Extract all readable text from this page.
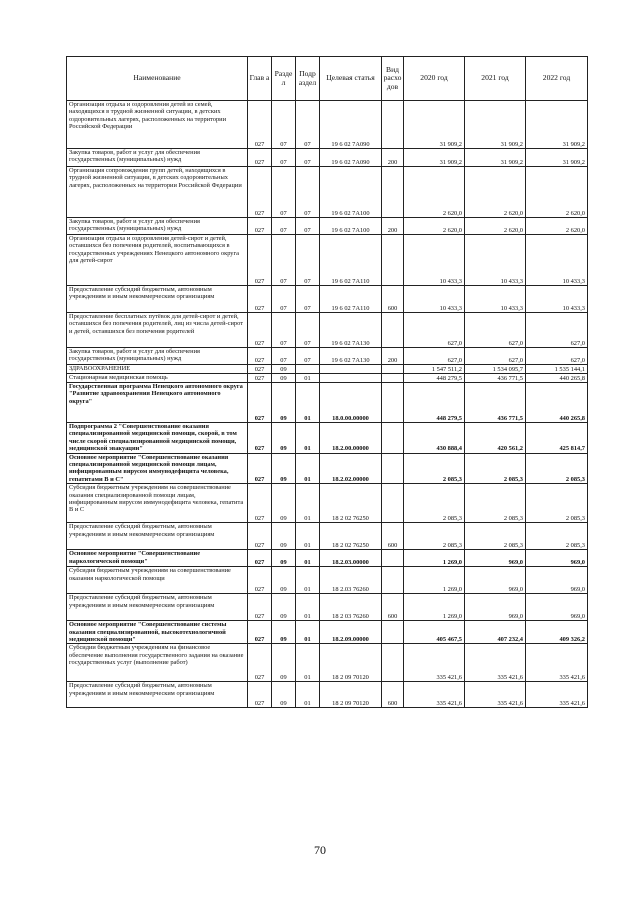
Наименование	Глав а	Разде л	Подр аздел	Целевая статья	Вид расхо дов	2020 год	2021 год	2022 год
Организация отдыха и оздоровления детей из семей, находящихся в трудной жизненной ситуации, в детских оздоровительных лагерях, расположенных на территории Российской Федерации	027	07	07	19 6 02 7А090		31 909,2	31 909,2	31 909,2
Закупка товаров, работ и услуг для обеспечения государственных (муниципальных) нужд	027	07	07	19 6 02 7А090	200	31 909,2	31 909,2	31 909,2
Организация сопровождения групп детей, находящихся в трудной жизненной ситуации, в детских оздоровительных лагерях, расположенных на территории Российской Федерации	027	07	07	19 6 02 7А100		2 620,0	2 620,0	2 620,0
Закупка товаров, работ и услуг для обеспечения государственных (муниципальных) нужд	027	07	07	19 6 02 7А100	200	2 620,0	2 620,0	2 620,0
Организация отдыха и оздоровления детей-сирот и детей, оставшихся без попечения родителей, воспитывающихся в государственных учреждениях Ненецкого автономного округа для детей-сирот	027	07	07	19 6 02 7А110		10 433,3	10 433,3	10 433,3
Предоставление субсидий бюджетным, автономным учреждениям и иным некоммерческим организациям	027	07	07	19 6 02 7А110	600	10 433,3	10 433,3	10 433,3
Предоставление бесплатных путёвок для детей-сирот и детей, оставшихся без попечения родителей, лиц из числа детей-сирот и детей, оставшихся без попечения родителей	027	07	07	19 6 02 7А130		627,0	627,0	627,0
Закупка товаров, работ и услуг для обеспечения государственных (муниципальных) нужд	027	07	07	19 6 02 7А130	200	627,0	627,0	627,0
ЗДРАВООХРАНЕНИЕ	027	09				1 547 511,2	1 534 095,7	1 535 144,1
Стационарная медицинская помощь	027	09	01			448 279,5	436 771,5	440 265,8
Государственная программа Ненецкого автономного округа "Развитие здравоохранения Ненецкого автономного округа"	027	09	01	18.0.00.00000		448 279,5	436 771,5	440 265,8
Подпрограмма 2 "Совершенствование оказания специализированной медицинской помощи, скорой, в том числе скорой специализированной медицинской помощи, медицинской эвакуации"	027	09	01	18.2.00.00000		430 888,4	420 561,2	425 814,7
Основное мероприятие "Совершенствование оказания специализированной медицинской помощи лицам, инфицированным вирусом иммунодефицита человека, гепатитами В и С"	027	09	01	18.2.02.00000		2 085,3	2 085,3	2 085,3
Субсидия бюджетным учреждениям на совершенствование оказания специализированной помощи лицам, инфицированным вирусом иммунодефицита человека, гепатита В и С	027	09	01	18 2 02 76250		2 085,3	2 085,3	2 085,3
Предоставление субсидий бюджетным, автономным учреждениям и иным некоммерческим организациям	027	09	01	18 2 02 76250	600	2 085,3	2 085,3	2 085,3
Основное мероприятие "Совершенствование наркологической помощи"	027	09	01	18.2.03.00000		1 269,0	969,0	969,0
Субсидия бюджетным учреждениям на совершенствование оказания наркологической помощи	027	09	01	18 2.03 76260		1 269,0	969,0	969,0
Предоставление субсидий бюджетным, автономным учреждениям и иным некоммерческим организациям	027	09	01	18 2 03 76260	600	1 269,0	969,0	969,0
Основное мероприятие "Совершенствование системы оказания специализированной, высокотехнологичной медицинской помощи"	027	09	01	18.2.09.00000		405 467,5	407 232,4	409 326,2
Субсидии бюджетным учреждениям на финансовое обеспечение выполнения государственного задания на оказание государственных услуг (выполнение работ)	027	09	01	18 2 09 70120		335 421,6	335 421,6	335 421,6
Предоставление субсидий бюджетным, автономным учреждениям и иным некоммерческим организациям	027	09	01	18 2 09 70120	600	335 421,6	335 421,6	335 421,6
70
